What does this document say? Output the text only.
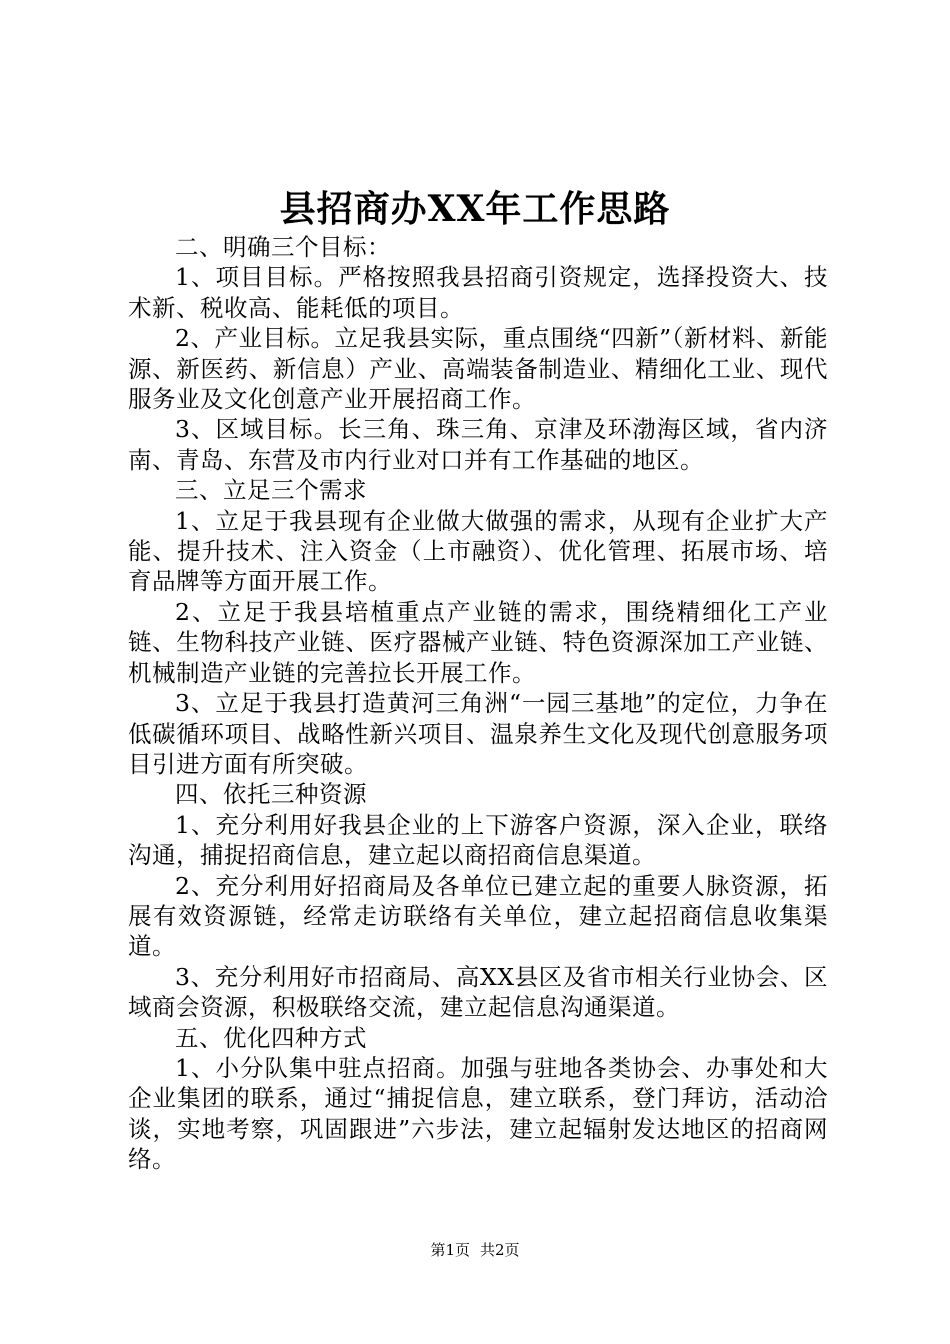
县招商办XX年工作思路

二、明确三个目标：

1、项目目标。严格按照我县招商引资规定，选择投资大、技术新、税收高、能耗低的项目。

2、产业目标。立足我县实际，重点围绕“四新”（新材料、新能源、新医药、新信息）产业、高端装备制造业、精细化工业、现代服务业及文化创意产业开展招商工作。

3、区域目标。长三角、珠三角、京津及环渤海区域，省内济南、青岛、东营及市内行业对口并有工作基础的地区。

三、立足三个需求

1、立足于我县现有企业做大做强的需求，从现有企业扩大产能、提升技术、注入资金（上市融资）、优化管理、拓展市场、培育品牌等方面开展工作。

2、立足于我县培植重点产业链的需求，围绕精细化工产业链、生物科技产业链、医疗器械产业链、特色资源深加工产业链、机械制造产业链的完善拉长开展工作。

3、立足于我县打造黄河三角洲“一园三基地”的定位，力争在低碳循环项目、战略性新兴项目、温泉养生文化及现代创意服务项目引进方面有所突破。

四、依托三种资源

1、充分利用好我县企业的上下游客户资源，深入企业，联络沟通，捕捉招商信息，建立起以商招商信息渠道。

2、充分利用好招商局及各单位已建立起的重要人脉资源，拓展有效资源链，经常走访联络有关单位，建立起招商信息收集渠道。

3、充分利用好市招商局、高XX县区及省市相关行业协会、区域商会资源，积极联络交流，建立起信息沟通渠道。

五、优化四种方式

1、小分队集中驻点招商。加强与驻地各类协会、办事处和大企业集团的联系，通过“捕捉信息，建立联系，登门拜访，活动洽谈，实地考察，巩固跟进”六步法，建立起辐射发达地区的招商网络。

第1页 共2页
